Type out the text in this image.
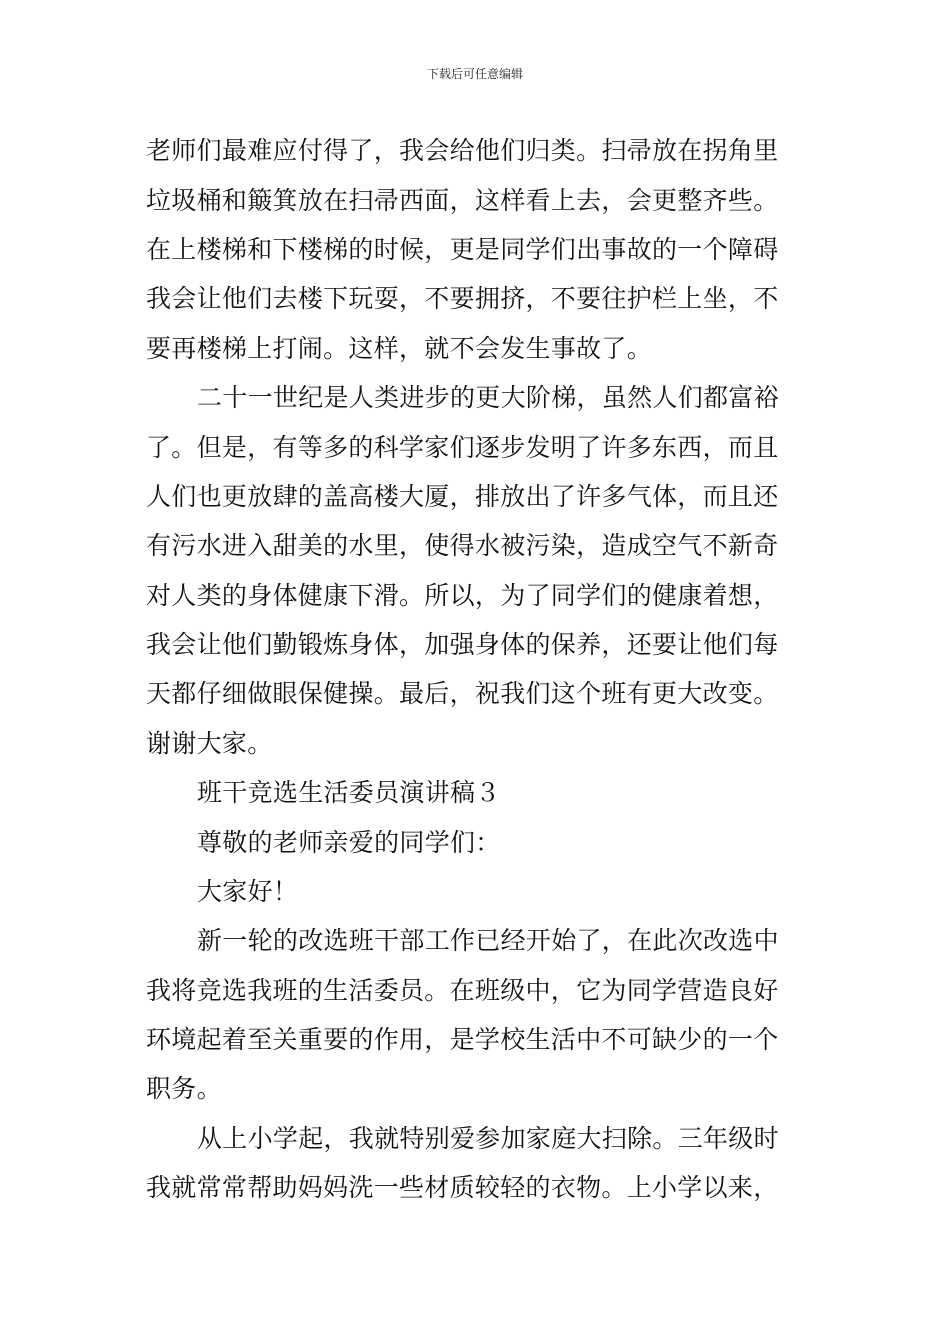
下载后可任意编辑
老师们最难应付得了，我会给他们归类。扫帚放在拐角里
垃圾桶和簸箕放在扫帚西面，这样看上去，会更整齐些。
在上楼梯和下楼梯的时候，更是同学们出事故的一个障碍
我会让他们去楼下玩耍，不要拥挤，不要往护栏上坐，不
要再楼梯上打闹。这样，就不会发生事故了。
二十一世纪是人类进步的更大阶梯，虽然人们都富裕
了。但是，有等多的科学家们逐步发明了许多东西，而且
人们也更放肆的盖高楼大厦，排放出了许多气体，而且还
有污水进入甜美的水里，使得水被污染，造成空气不新奇
对人类的身体健康下滑。所以，为了同学们的健康着想，
我会让他们勤锻炼身体，加强身体的保养，还要让他们每
天都仔细做眼保健操。最后，祝我们这个班有更大改变。
谢谢大家。
班干竞选生活委员演讲稿３
尊敬的老师亲爱的同学们：
大家好！
新一轮的改选班干部工作已经开始了，在此次改选中
我将竞选我班的生活委员。在班级中，它为同学营造良好
环境起着至关重要的作用，是学校生活中不可缺少的一个
职务。
从上小学起，我就特别爱参加家庭大扫除。三年级时
我就常常帮助妈妈洗一些材质较轻的衣物。上小学以来，
